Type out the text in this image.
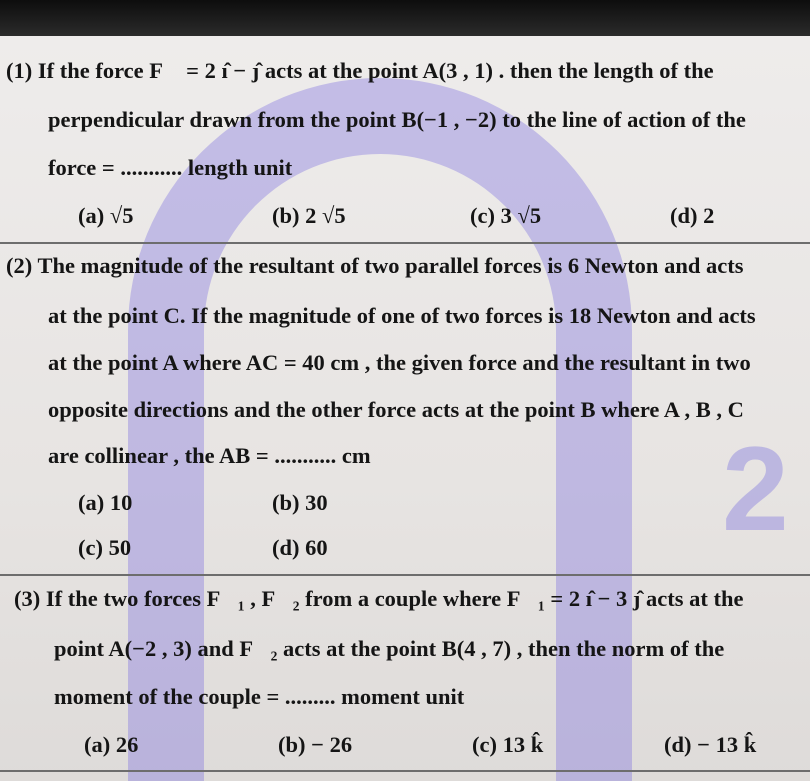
2
(1) If the force F⃗ = 2 ı̂ − ȷ̂ acts at the point A(3 , 1) . then the length of the
perpendicular drawn from the point B(−1 , −2) to the line of action of the
force = ........... length unit
(a) √5	(b) 2 √5	(c) 3 √5	(d) 2
(2) The magnitude of the resultant of two parallel forces is 6 Newton and acts
at the point C. If the magnitude of one of two forces is 18 Newton and acts
at the point A where AC = 40 cm , the given force and the resultant in two
opposite directions and the other force acts at the point B where A , B , C
are collinear , the AB = ........... cm
(a) 10	(b) 30
(c) 50	(d) 60
(3) If the two forces F⃗₁ , F⃗₂ from a couple where F⃗₁ = 2 ı̂ − 3 ȷ̂ acts at the
point A(−2 , 3) and F⃗₂ acts at the point B(4 , 7) , then the norm of the
moment of the couple = ......... moment unit
(a) 26	(b) − 26	(c) 13 k̂	(d) − 13 k̂
